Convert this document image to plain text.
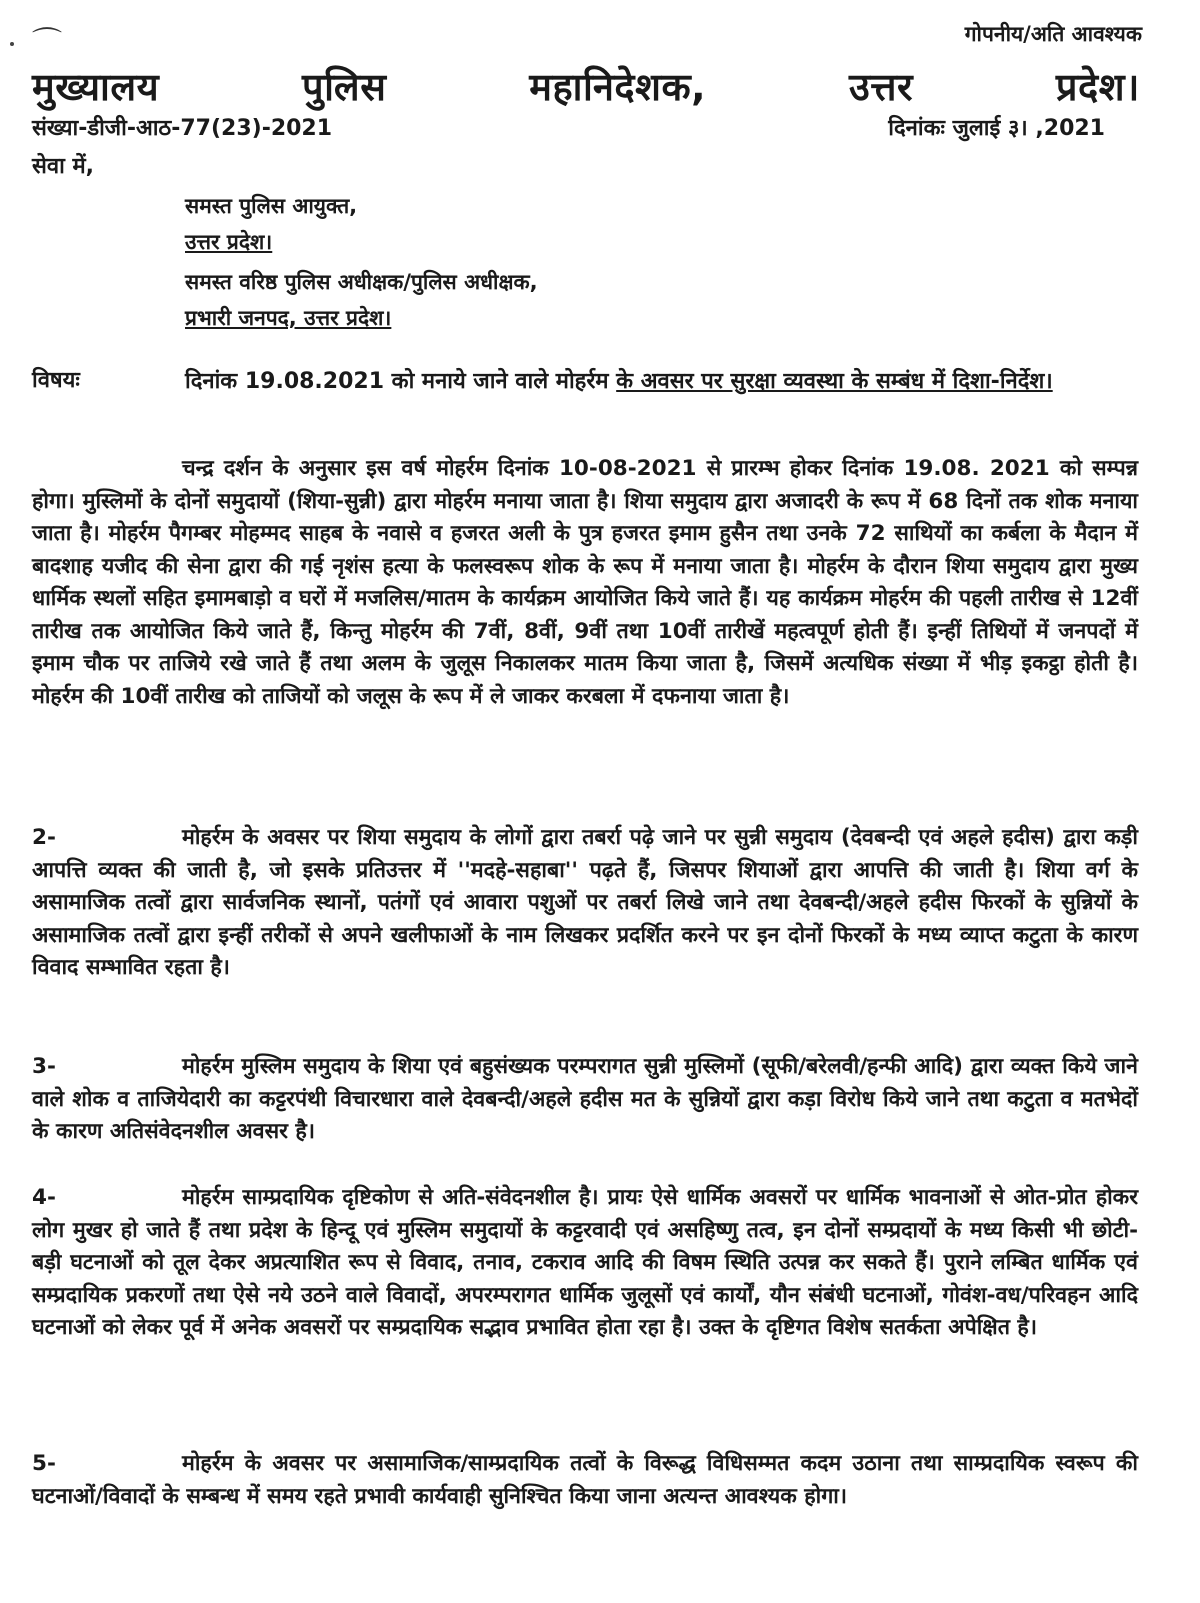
⌒	गोपनीय/अति आवश्यक
मुख्यालय	पुलिस	महानिदेशक,	उत्तर	प्रदेश।
संख्या-डीजी-आठ-77(23)-2021	दिनांकः जुलाई ३। ,2021
सेवा में,
समस्त पुलिस आयुक्त,
उत्तर प्रदेश।
समस्त वरिष्ठ पुलिस अधीक्षक/पुलिस अधीक्षक,
प्रभारी जनपद, उत्तर प्रदेश।
विषयः	दिनांक 19.08.2021 को मनाये जाने वाले मोहर्रम के अवसर पर सुरक्षा व्यवस्था के सम्बंध में दिशा-निर्देश।
चन्द्र दर्शन के अनुसार इस वर्ष मोहर्रम दिनांक 10-08-2021 से प्रारम्भ होकर दिनांक 19.08. 2021 को सम्पन्न होगा। मुस्लिमों के दोनों समुदायों (शिया-सुन्नी) द्वारा मोहर्रम मनाया जाता है। शिया समुदाय द्वारा अजादरी के रूप में 68 दिनों तक शोक मनाया जाता है। मोहर्रम पैगम्बर मोहम्मद साहब के नवासे व हजरत अली के पुत्र हजरत इमाम हुसैन तथा उनके 72 साथियों का कर्बला के मैदान में बादशाह यजीद की सेना द्वारा की गई नृशंस हत्या के फलस्वरूप शोक के रूप में मनाया जाता है। मोहर्रम के दौरान शिया समुदाय द्वारा मुख्य धार्मिक स्थलों सहित इमामबाड़ो व घरों में मजलिस/मातम के कार्यक्रम आयोजित किये जाते हैं। यह कार्यक्रम मोहर्रम की पहली तारीख से 12वीं तारीख तक आयोजित किये जाते हैं, किन्तु मोहर्रम की 7वीं, 8वीं, 9वीं तथा 10वीं तारीखें महत्वपूर्ण होती हैं। इन्हीं तिथियों में जनपदों में इमाम चौक पर ताजिये रखे जाते हैं तथा अलम के जुलूस निकालकर मातम किया जाता है, जिसमें अत्यधिक संख्या में भीड़ इकट्ठा होती है। मोहर्रम की 10वीं तारीख को ताजियों को जलूस के रूप में ले जाकर करबला में दफनाया जाता है।
2-	मोहर्रम के अवसर पर शिया समुदाय के लोगों द्वारा तबर्रा पढ़े जाने पर सुन्नी समुदाय (देवबन्दी एवं अहले हदीस) द्वारा कड़ी आपत्ति व्यक्त की जाती है, जो इसके प्रतिउत्तर में ''मदहे-सहाबा'' पढ़ते हैं, जिसपर शियाओं द्वारा आपत्ति की जाती है। शिया वर्ग के असामाजिक तत्वों द्वारा सार्वजनिक स्थानों, पतंगों एवं आवारा पशुओं पर तबर्रा लिखे जाने तथा देवबन्दी/अहले हदीस फिरकों के सुन्नियों के असामाजिक तत्वों द्वारा इन्हीं तरीकों से अपने खलीफाओं के नाम लिखकर प्रदर्शित करने पर इन दोनों फिरकों के मध्य व्याप्त कटुता के कारण विवाद सम्भावित रहता है।
3-	मोहर्रम मुस्लिम समुदाय के शिया एवं बहुसंख्यक परम्परागत सुन्नी मुस्लिमों (सूफी/बरेलवी/हन्फी आदि) द्वारा व्यक्त किये जाने वाले शोक व ताजियेदारी का कट्टरपंथी विचारधारा वाले देवबन्दी/अहले हदीस मत के सुन्नियों द्वारा कड़ा विरोध किये जाने तथा कटुता व मतभेदों के कारण अतिसंवेदनशील अवसर है।
4-	मोहर्रम साम्प्रदायिक दृष्टिकोण से अति-संवेदनशील है। प्रायः ऐसे धार्मिक अवसरों पर धार्मिक भावनाओं से ओत-प्रोत होकर लोग मुखर हो जाते हैं तथा प्रदेश के हिन्दू एवं मुस्लिम समुदायों के कट्टरवादी एवं असहिष्णु तत्व, इन दोनों सम्प्रदायों के मध्य किसी भी छोटी-बड़ी घटनाओं को तूल देकर अप्रत्याशित रूप से विवाद, तनाव, टकराव आदि की विषम स्थिति उत्पन्न कर सकते हैं। पुराने लम्बित धार्मिक एवं सम्प्रदायिक प्रकरणों तथा ऐसे नये उठने वाले विवादों, अपरम्परागत धार्मिक जुलूसों एवं कार्यों, यौन संबंधी घटनाओं, गोवंश-वध/परिवहन आदि घटनाओं को लेकर पूर्व में अनेक अवसरों पर सम्प्रदायिक सद्भाव प्रभावित होता रहा है। उक्त के दृष्टिगत विशेष सतर्कता अपेक्षित है।
5-	मोहर्रम के अवसर पर असामाजिक/साम्प्रदायिक तत्वों के विरूद्ध विधिसम्मत कदम उठाना तथा साम्प्रदायिक स्वरूप की घटनाओं/विवादों के सम्बन्ध में समय रहते प्रभावी कार्यवाही सुनिश्चित किया जाना अत्यन्त आवश्यक होगा।
